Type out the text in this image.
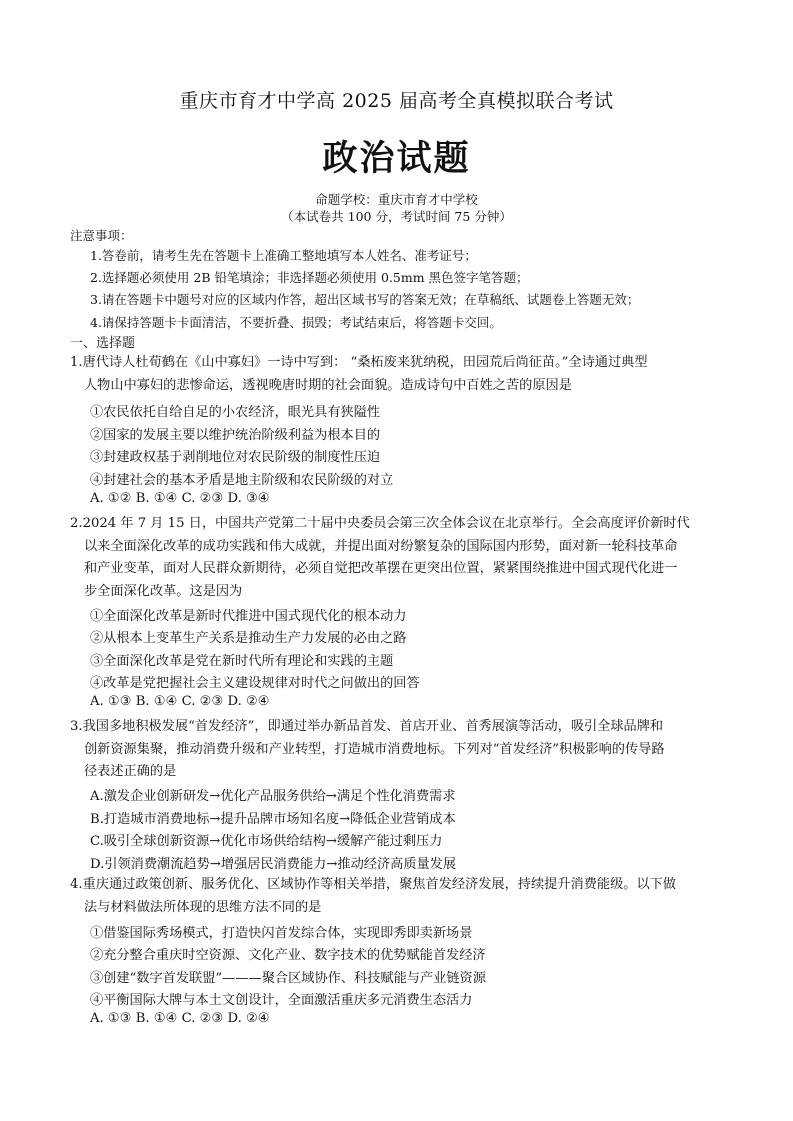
重庆市育才中学高 2025 届高考全真模拟联合考试
政治试题
命题学校：重庆市育才中学校
（本试卷共 100 分，考试时间 75 分钟）
注意事项：
1.答卷前，请考生先在答题卡上准确工整地填写本人姓名、准考证号；
2.选择题必须使用 2B 铅笔填涂；非选择题必须使用 0.5mm 黑色签字笔答题；
3.请在答题卡中题号对应的区域内作答，超出区域书写的答案无效；在草稿纸、试题卷上答题无效；
4.请保持答题卡卡面清洁，不要折叠、损毁；考试结束后，将答题卡交回。
一、选择题
1.唐代诗人杜荀鹤在《山中寡妇》一诗中写到： “桑柘废来犹纳税，田园荒后尚征苗。”全诗通过典型
人物山中寡妇的悲惨命运，透视晚唐时期的社会面貌。造成诗句中百姓之苦的原因是
①农民依托自给自足的小农经济，眼光具有狭隘性
②国家的发展主要以维护统治阶级利益为根本目的
③封建政权基于剥削地位对农民阶级的制度性压迫
④封建社会的基本矛盾是地主阶级和农民阶级的对立
A. ①② B. ①④ C. ②③ D. ③④
2.2024 年 7 月 15 日，中国共产党第二十届中央委员会第三次全体会议在北京举行。全会高度评价新时代
以来全面深化改革的成功实践和伟大成就，并提出面对纷繁复杂的国际国内形势，面对新一轮科技革命
和产业变革，面对人民群众新期待，必须自觉把改革摆在更突出位置，紧紧围绕推进中国式现代化进一
步全面深化改革。这是因为
①全面深化改革是新时代推进中国式现代化的根本动力
②从根本上变革生产关系是推动生产力发展的必由之路
③全面深化改革是党在新时代所有理论和实践的主题
④改革是党把握社会主义建设规律对时代之问做出的回答
A. ①③ B. ①④ C. ②③ D. ②④
3.我国多地积极发展“首发经济”，即通过举办新品首发、首店开业、首秀展演等活动，吸引全球品牌和
创新资源集聚，推动消费升级和产业转型，打造城市消费地标。下列对“首发经济”积极影响的传导路
径表述正确的是
A.激发企业创新研发→优化产品服务供给→满足个性化消费需求
B.打造城市消费地标→提升品牌市场知名度→降低企业营销成本
C.吸引全球创新资源→优化市场供给结构→缓解产能过剩压力
D.引领消费潮流趋势→增强居民消费能力→推动经济高质量发展
4.重庆通过政策创新、服务优化、区域协作等相关举措，聚焦首发经济发展，持续提升消费能级。以下做
法与材料做法所体现的思维方法不同的是
①借鉴国际秀场模式，打造快闪首发综合体，实现即秀即卖新场景
②充分整合重庆时空资源、文化产业、数字技术的优势赋能首发经济
③创建“数字首发联盟”———聚合区域协作、科技赋能与产业链资源
④平衡国际大牌与本土文创设计，全面激活重庆多元消费生态活力
A. ①③ B. ①④ C. ②③ D. ②④
